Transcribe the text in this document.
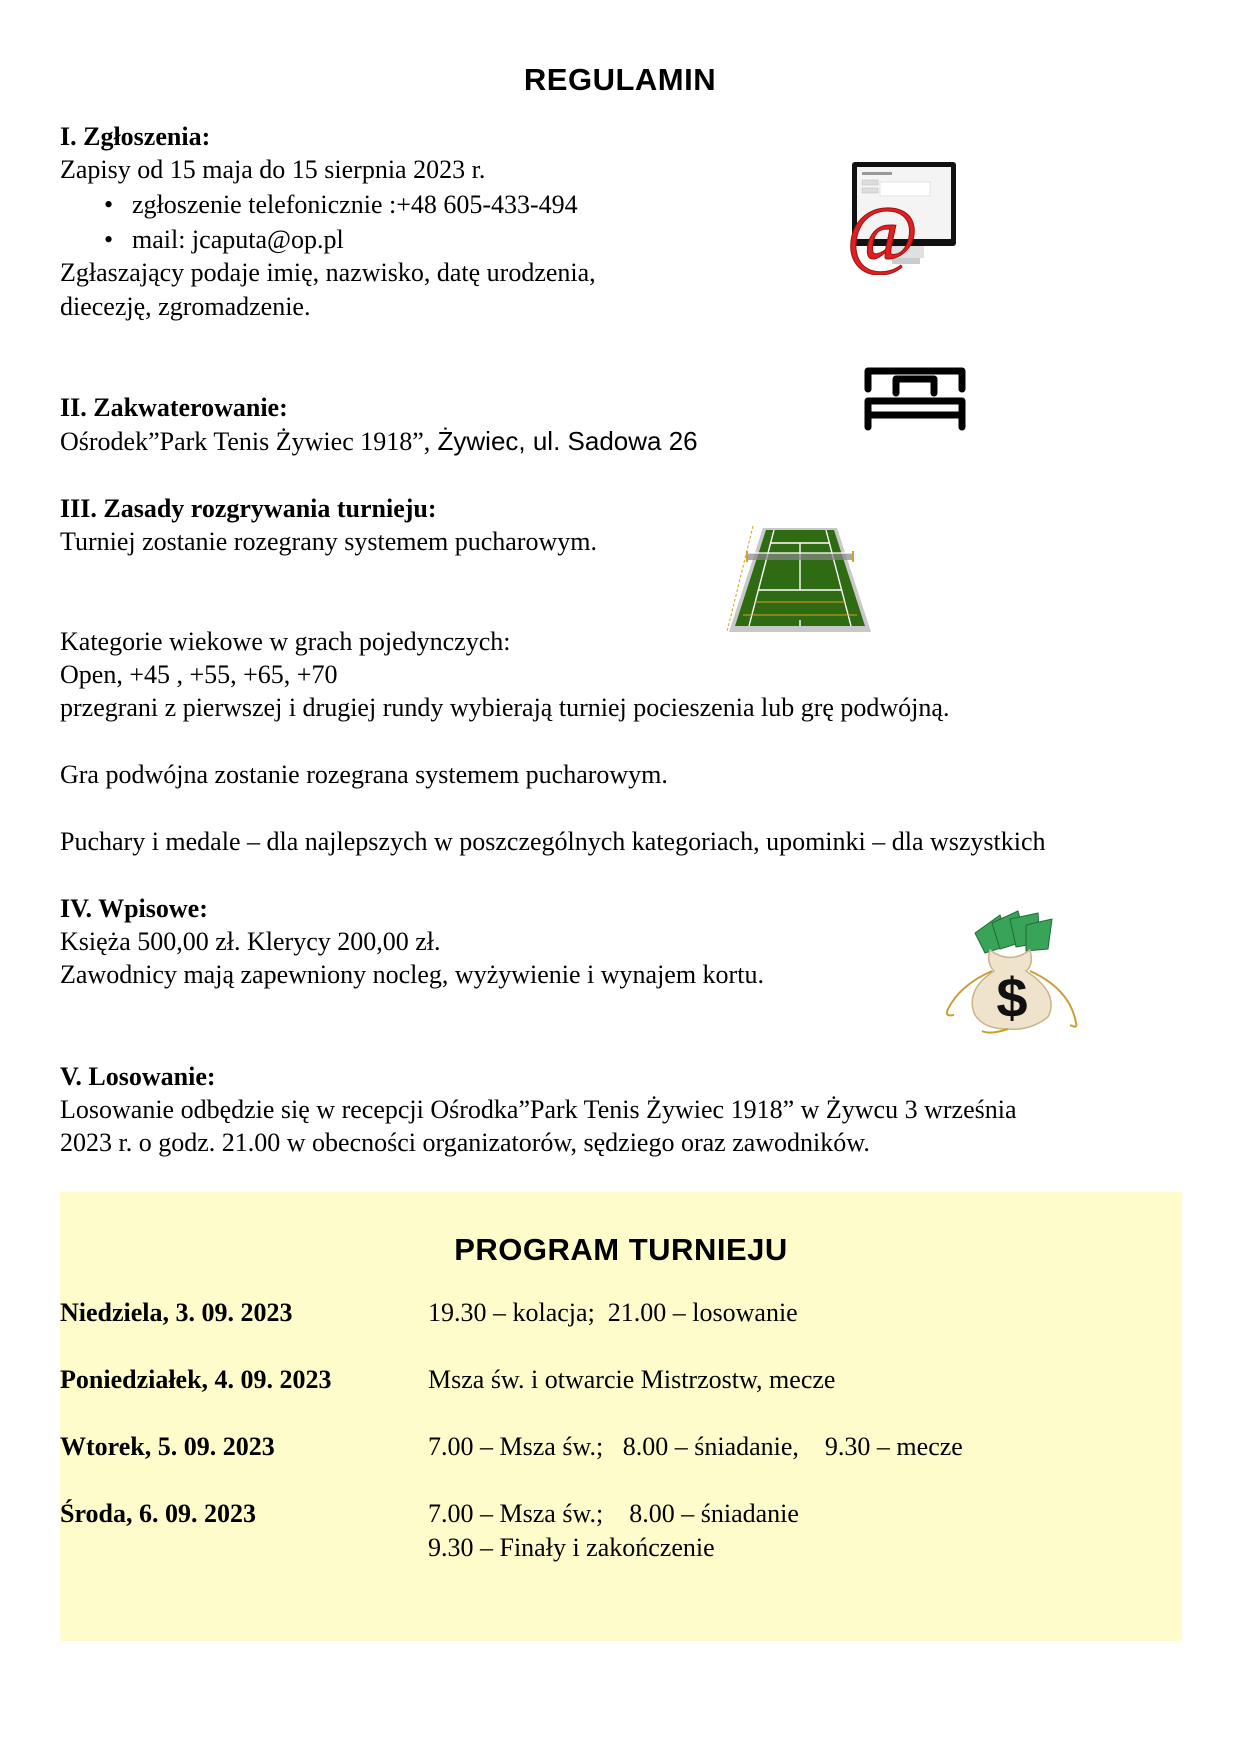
REGULAMIN
I. Zgłoszenia:
Zapisy od 15 maja do 15 sierpnia 2023 r.
• zgłoszenie telefonicznie :+48 605-433-494
• mail: jcaputa@op.pl
Zgłaszający podaje imię, nazwisko, datę urodzenia,
diecezję, zgromadzenie.
@
II. Zakwaterowanie:
Ośrodek”Park Tenis Żywiec 1918”, Żywiec, ul. Sadowa 26
III. Zasady rozgrywania turnieju:
Turniej zostanie rozegrany systemem pucharowym.
Kategorie wiekowe w grach pojedynczych:
Open, +45 , +55, +65, +70
przegrani z pierwszej i drugiej rundy wybierają turniej pocieszenia lub grę podwójną.
Gra podwójna zostanie rozegrana systemem pucharowym.
Puchary i medale – dla najlepszych w poszczególnych kategoriach, upominki – dla wszystkich
IV. Wpisowe:
Księża 500,00 zł. Klerycy 200,00 zł.
Zawodnicy mają zapewniony nocleg, wyżywienie i wynajem kortu.	$
V. Losowanie:
Losowanie odbędzie się w recepcji Ośrodka”Park Tenis Żywiec 1918” w Żywcu 3 września
2023 r. o godz. 21.00 w obecności organizatorów, sędziego oraz zawodników.
PROGRAM TURNIEJU
Niedziela, 3. 09. 2023	19.30 – kolacja;  21.00 – losowanie
Poniedziałek, 4. 09. 2023	Msza św. i otwarcie Mistrzostw, mecze
Wtorek, 5. 09. 2023	7.00 – Msza św.;   8.00 – śniadanie,    9.30 – mecze
Środa, 6. 09. 2023	7.00 – Msza św.;    8.00 – śniadanie
9.30 – Finały i zakończenie
